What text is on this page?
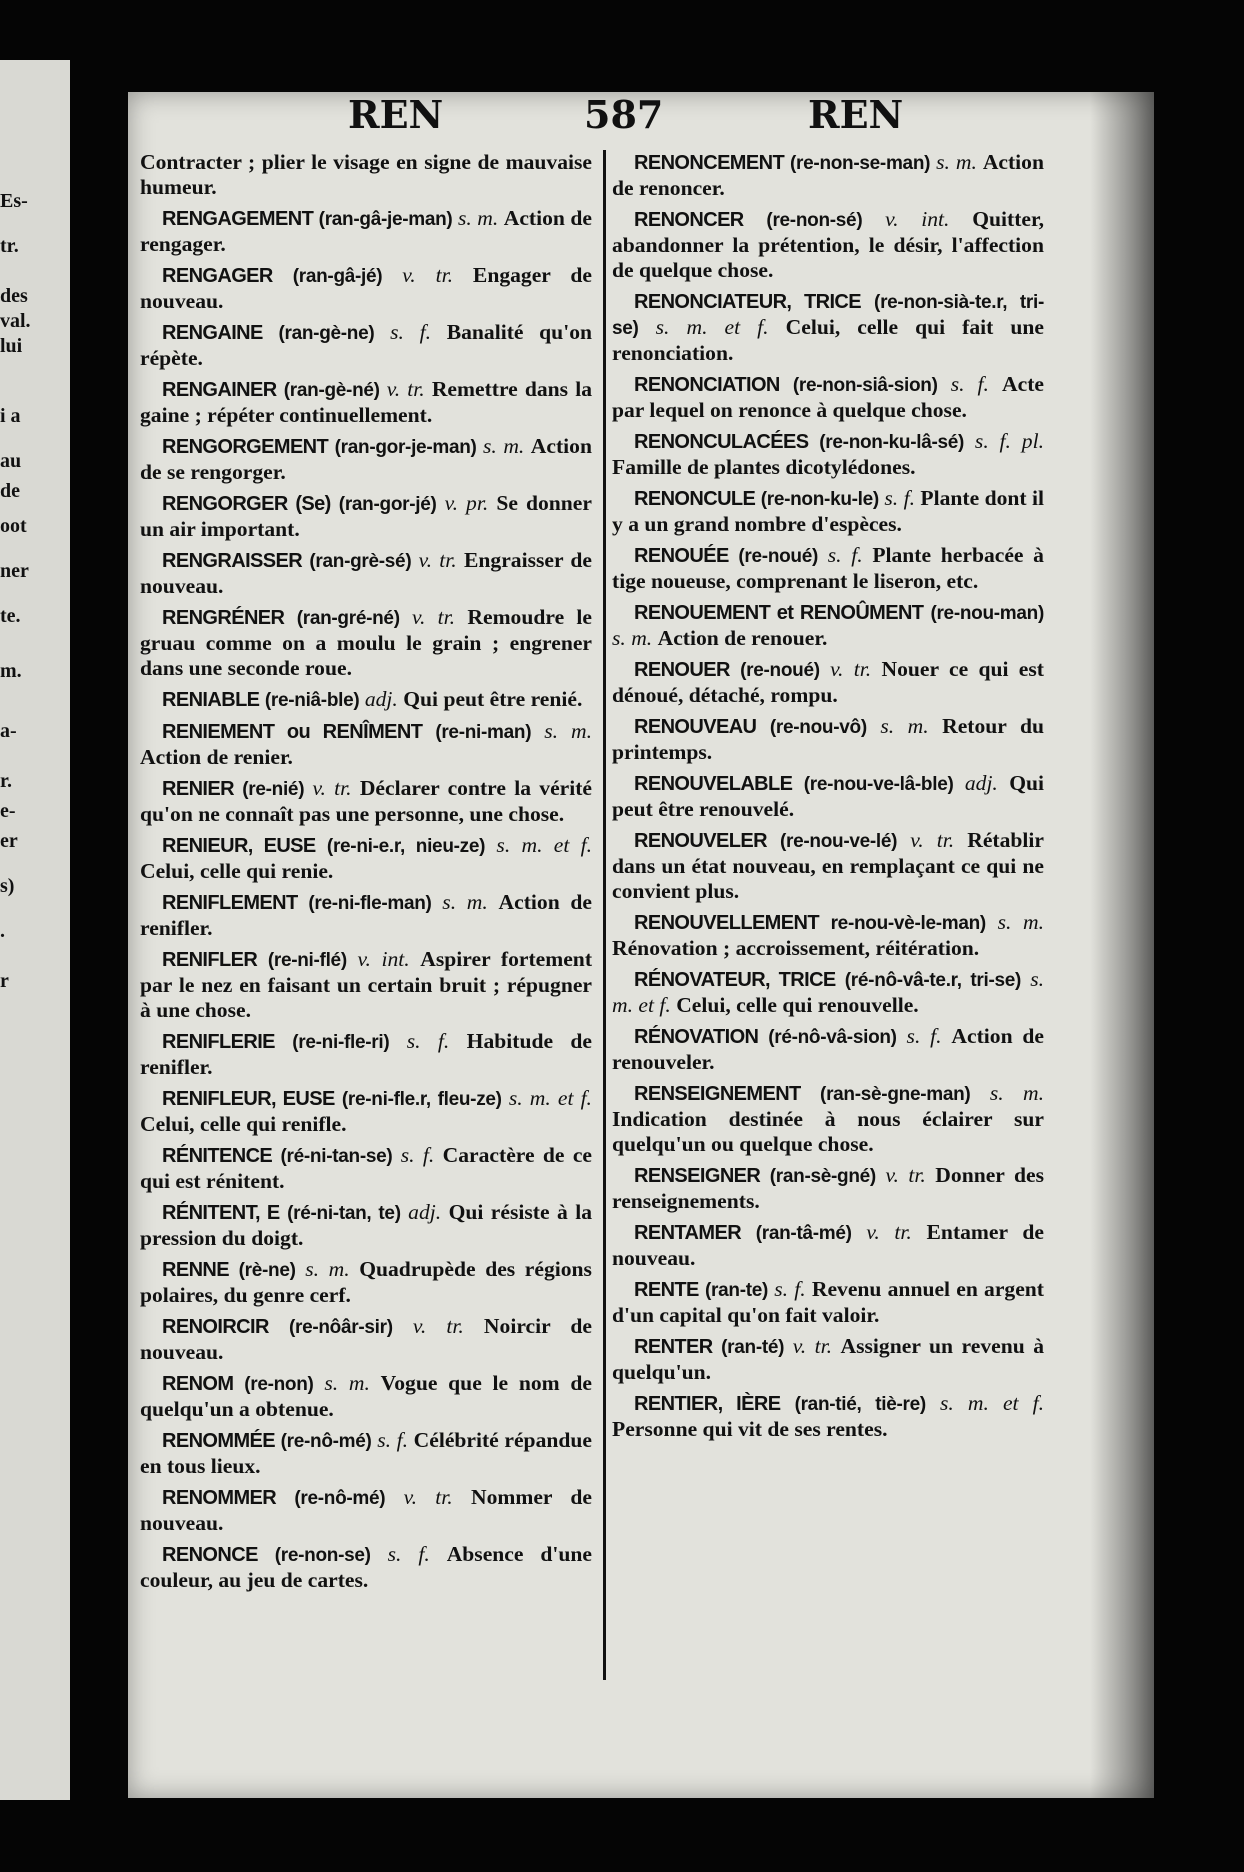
Es-
tr.
des
val.
lui
i a
au
de
oot
ner
te.
m.
a-
r.
e-
er
s)
.
r
REN	587	REN

Contracter ; plier le visage en signe de mauvaise humeur.

RENGAGEMENT (ran-gâ-je-man) s. m. Action de rengager.

RENGAGER (ran-gâ-jé) v. tr. Engager de nouveau.

RENGAINE (ran-gè-ne) s. f. Banalité qu'on répète.

RENGAINER (ran-gè-né) v. tr. Remettre dans la gaine ; répéter continuellement.

RENGORGEMENT (ran-gor-je-man) s. m. Action de se rengorger.

RENGORGER (Se) (ran-gor-jé) v. pr. Se donner un air important.

RENGRAISSER (ran-grè-sé) v. tr. Engraisser de nouveau.

RENGRÉNER (ran-gré-né) v. tr. Remoudre le gruau comme on a moulu le grain ; engrener dans une seconde roue.

RENIABLE (re-niâ-ble) adj. Qui peut être renié.

RENIEMENT ou RENÎMENT (re-ni-man) s. m. Action de renier.

RENIER (re-nié) v. tr. Déclarer contre la vérité qu'on ne connaît pas une personne, une chose.

RENIEUR, EUSE (re-ni-e.r, nieu-ze) s. m. et f. Celui, celle qui renie.

RENIFLEMENT (re-ni-fle-man) s. m. Action de renifler.

RENIFLER (re-ni-flé) v. int. Aspirer fortement par le nez en faisant un certain bruit ; répugner à une chose.

RENIFLERIE (re-ni-fle-ri) s. f. Habitude de renifler.

RENIFLEUR, EUSE (re-ni-fle.r, fleu-ze) s. m. et f. Celui, celle qui renifle.

RÉNITENCE (ré-ni-tan-se) s. f. Caractère de ce qui est rénitent.

RÉNITENT, E (ré-ni-tan, te) adj. Qui résiste à la pression du doigt.

RENNE (rè-ne) s. m. Quadrupède des régions polaires, du genre cerf.

RENOIRCIR (re-nôâr-sir) v. tr. Noircir de nouveau.

RENOM (re-non) s. m. Vogue que le nom de quelqu'un a obtenue.

RENOMMÉE (re-nô-mé) s. f. Célébrité répandue en tous lieux.

RENOMMER (re-nô-mé) v. tr. Nommer de nouveau.

RENONCE (re-non-se) s. f. Absence d'une couleur, au jeu de cartes.

RENONCEMENT (re-non-se-man) s. m. Action de renoncer.

RENONCER (re-non-sé) v. int. Quitter, abandonner la prétention, le désir, l'affection de quelque chose.

RENONCIATEUR, TRICE (re-non-sià-te.r, tri-se) s. m. et f. Celui, celle qui fait une renonciation.

RENONCIATION (re-non-siâ-sion) s. f. Acte par lequel on renonce à quelque chose.

RENONCULACÉES (re-non-ku-lâ-sé) s. f. pl. Famille de plantes dicotylédones.

RENONCULE (re-non-ku-le) s. f. Plante dont il y a un grand nombre d'espèces.

RENOUÉE (re-noué) s. f. Plante herbacée à tige noueuse, comprenant le liseron, etc.

RENOUEMENT et RENOÛMENT (re-nou-man) s. m. Action de renouer.

RENOUER (re-noué) v. tr. Nouer ce qui est dénoué, détaché, rompu.

RENOUVEAU (re-nou-vô) s. m. Retour du printemps.

RENOUVELABLE (re-nou-ve-lâ-ble) adj. Qui peut être renouvelé.

RENOUVELER (re-nou-ve-lé) v. tr. Rétablir dans un état nouveau, en remplaçant ce qui ne convient plus.

RENOUVELLEMENT re-nou-vè-le-man) s. m. Rénovation ; accroissement, réitération.

RÉNOVATEUR, TRICE (ré-nô-vâ-te.r, tri-se) s. m. et f. Celui, celle qui renouvelle.

RÉNOVATION (ré-nô-vâ-sion) s. f. Action de renouveler.

RENSEIGNEMENT (ran-sè-gne-man) s. m. Indication destinée à nous éclairer sur quelqu'un ou quelque chose.

RENSEIGNER (ran-sè-gné) v. tr. Donner des renseignements.

RENTAMER (ran-tâ-mé) v. tr. Entamer de nouveau.

RENTE (ran-te) s. f. Revenu annuel en argent d'un capital qu'on fait valoir.

RENTER (ran-té) v. tr. Assigner un revenu à quelqu'un.

RENTIER, IÈRE (ran-tié, tiè-re) s. m. et f. Personne qui vit de ses rentes.
